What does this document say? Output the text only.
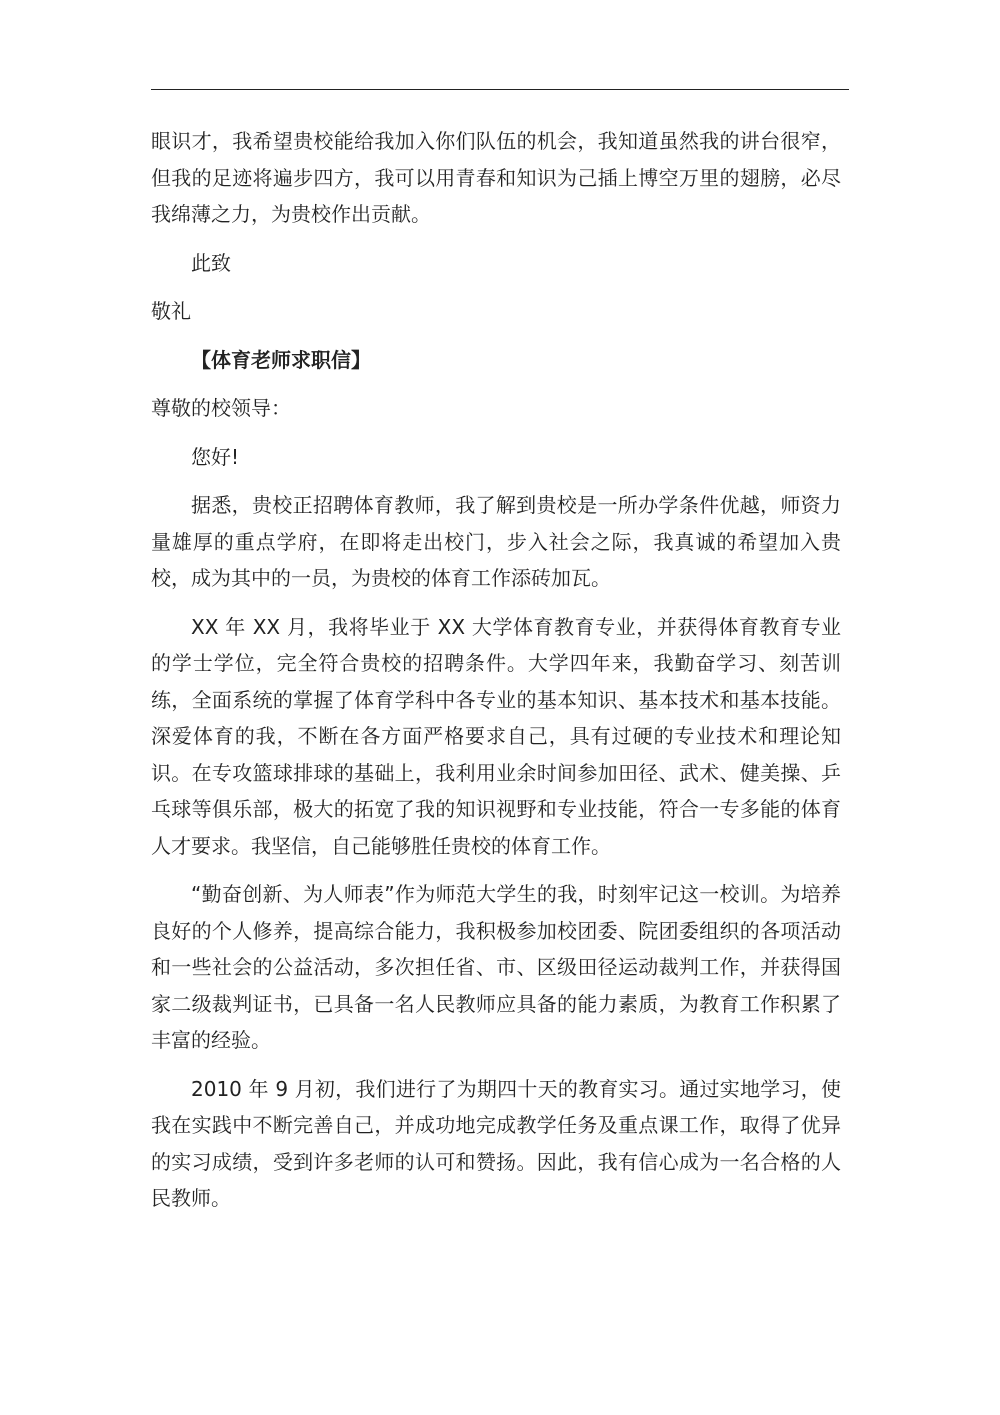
眼识才，我希望贵校能给我加入你们队伍的机会，我知道虽然我的讲台很窄，但我的足迹将遍步四方，我可以用青春和知识为己插上博空万里的翅膀，必尽我绵薄之力，为贵校作出贡献。

此致

敬礼

【体育老师求职信】

尊敬的校领导：

您好!

据悉，贵校正招聘体育教师，我了解到贵校是一所办学条件优越，师资力量雄厚的重点学府，在即将走出校门，步入社会之际，我真诚的希望加入贵校，成为其中的一员，为贵校的体育工作添砖加瓦。

XX 年 XX 月，我将毕业于 XX 大学体育教育专业，并获得体育教育专业的学士学位，完全符合贵校的招聘条件。大学四年来，我勤奋学习、刻苦训练，全面系统的掌握了体育学科中各专业的基本知识、基本技术和基本技能。深爱体育的我，不断在各方面严格要求自己，具有过硬的专业技术和理论知识。在专攻篮球排球的基础上，我利用业余时间参加田径、武术、健美操、乒乓球等俱乐部，极大的拓宽了我的知识视野和专业技能，符合一专多能的体育人才要求。我坚信，自己能够胜任贵校的体育工作。

“勤奋创新、为人师表”作为师范大学生的我，时刻牢记这一校训。为培养良好的个人修养，提高综合能力，我积极参加校团委、院团委组织的各项活动和一些社会的公益活动，多次担任省、市、区级田径运动裁判工作，并获得国家二级裁判证书，已具备一名人民教师应具备的能力素质，为教育工作积累了丰富的经验。

2010 年 9 月初，我们进行了为期四十天的教育实习。通过实地学习，使我在实践中不断完善自己，并成功地完成教学任务及重点课工作，取得了优异的实习成绩，受到许多老师的认可和赞扬。因此，我有信心成为一名合格的人民教师。
